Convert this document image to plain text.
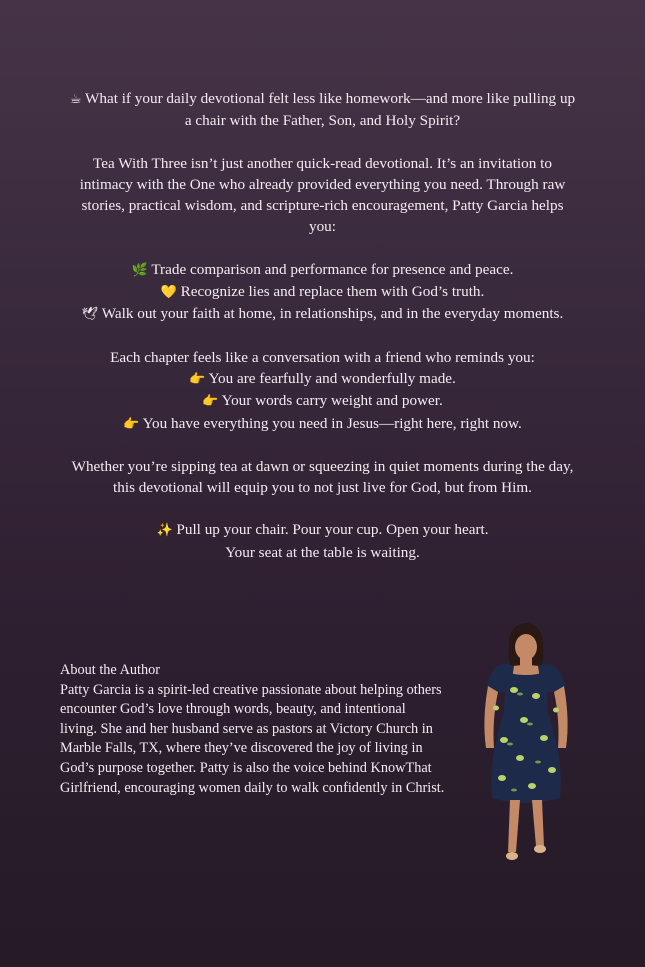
☕ What if your daily devotional felt less like homework—and more like pulling up

a chair with the Father, Son, and Holy Spirit?

Tea With Three isn’t just another quick-read devotional. It’s an invitation to

intimacy with the One who already provided everything you need. Through raw

stories, practical wisdom, and scripture-rich encouragement, Patty Garcia helps

you:

🌿 Trade comparison and performance for presence and peace.

💛 Recognize lies and replace them with God’s truth.

🕊 Walk out your faith at home, in relationships, and in the everyday moments.

Each chapter feels like a conversation with a friend who reminds you:

👉 You are fearfully and wonderfully made.

👉 Your words carry weight and power.

👉 You have everything you need in Jesus—right here, right now.

Whether you’re sipping tea at dawn or squeezing in quiet moments during the day,

this devotional will equip you to not just live for God, but from Him.

✨ Pull up your chair. Pour your cup. Open your heart.

Your seat at the table is waiting.

About the Author

Patty Garcia is a spirit-led creative passionate about helping others

encounter God’s love through words, beauty, and intentional

living. She and her husband serve as pastors at Victory Church in

Marble Falls, TX, where they’ve discovered the joy of living in

God’s purpose together. Patty is also the voice behind KnowThat

Girlfriend, encouraging women daily to walk confidently in Christ.
